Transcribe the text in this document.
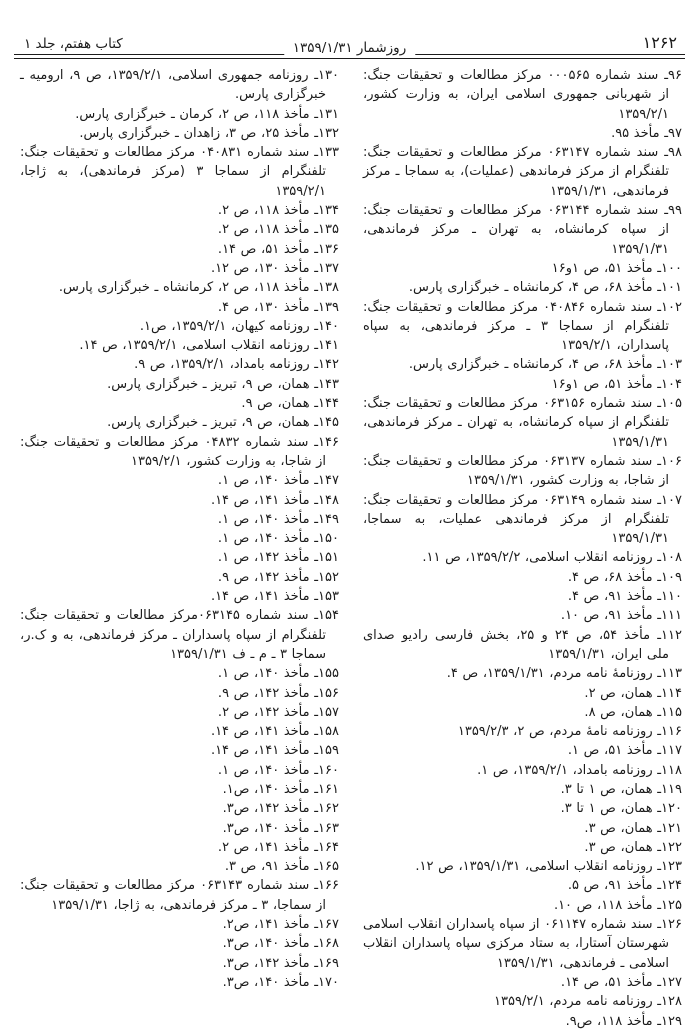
۱۲۶۲
روزشمار ۱۳۵۹/۱/۳۱
کتاب هفتم، جلد ۱

۹۶ـ سند شماره ۰۰۰۵۶۵ مرکز مطالعات و تحقیقات جنگ: از شهربانی جمهوری اسلامی ایران، به وزارت کشور، ۱۳۵۹/۲/۱

۹۷ـ مأخذ ۹۵.

۹۸ـ سند شماره ۰۶۳۱۴۷ مرکز مطالعات و تحقیقات جنگ: تلفنگرام از مرکز فرماندهی (عملیات)، به سماجا ـ مرکز فرماندهی، ۱۳۵۹/۱/۳۱

۹۹ـ سند شماره ۰۶۳۱۴۴ مرکز مطالعات و تحقیقات جنگ: از سپاه کرمانشاه، به تهران ـ مرکز فرماندهی، ۱۳۵۹/۱/۳۱

۱۰۰ـ مأخذ ۵۱، ص ۱و۱۶

۱۰۱ـ مأخذ ۶۸، ص ۴، کرمانشاه ـ خبرگزاری پارس.

۱۰۲ـ سند شماره ۰۴۰۸۴۶ مرکز مطالعات و تحقیقات جنگ: تلفنگرام از سماجا ۳ ـ مرکز فرماندهی، به سپاه پاسداران، ۱۳۵۹/۲/۱

۱۰۳ـ مأخذ ۶۸، ص ۴، کرمانشاه ـ خبرگزاری پارس.

۱۰۴ـ مأخذ ۵۱، ص ۱و۱۶

۱۰۵ـ سند شماره ۰۶۳۱۵۶ مرکز مطالعات و تحقیقات جنگ: تلفنگرام از سپاه کرمانشاه، به تهران ـ مرکز فرماندهی، ۱۳۵۹/۱/۳۱

۱۰۶ـ سند شماره ۰۶۳۱۳۷ مرکز مطالعات و تحقیقات جنگ: از شاجا، به وزارت کشور، ۱۳۵۹/۱/۳۱

۱۰۷ـ سند شماره ۰۶۳۱۴۹ مرکز مطالعات و تحقیقات جنگ: تلفنگرام از مرکز فرماندهی عملیات، به سماجا، ۱۳۵۹/۱/۳۱

۱۰۸ـ روزنامه انقلاب اسلامی، ۱۳۵۹/۲/۲، ص ۱۱.

۱۰۹ـ مأخذ ۶۸، ص ۴.

۱۱۰ـ مأخذ ۹۱، ص ۴.

۱۱۱ـ مأخذ ۹۱، ص ۱۰.

۱۱۲ـ مأخذ ۵۴، ص ۲۴ و ۲۵، بخش فارسی رادیو صدای ملی ایران، ۱۳۵۹/۱/۳۱

۱۱۳ـ روزنامهٔ نامه مردم، ۱۳۵۹/۱/۳۱، ص ۴.

۱۱۴ـ همان، ص ۲.

۱۱۵ـ همان، ص ۸.

۱۱۶ـ روزنامه نامهٔ مردم، ص ۲، ۱۳۵۹/۲/۳

۱۱۷ـ مأخذ ۵۱، ص ۱.

۱۱۸ـ روزنامه بامداد، ۱۳۵۹/۲/۱، ص ۱.

۱۱۹ـ همان، ص ۱ تا ۳.

۱۲۰ـ همان، ص ۱ تا ۳.

۱۲۱ـ همان، ص ۳.

۱۲۲ـ همان، ص ۳.

۱۲۳ـ روزنامه انقلاب اسلامی، ۱۳۵۹/۱/۳۱، ص ۱۲.

۱۲۴ـ مأخذ ۹۱، ص ۵.

۱۲۵ـ مأخذ ۱۱۸، ص ۱۰.

۱۲۶ـ سند شماره ۰۶۱۱۴۷ از سپاه پاسداران انقلاب اسلامی شهرستان آستارا، به ستاد مرکزی سپاه پاسداران انقلاب اسلامی ـ فرماندهی، ۱۳۵۹/۱/۳۱

۱۲۷ـ مأخذ ۵۱، ص ۱۴.

۱۲۸ـ روزنامه نامه مردم، ۱۳۵۹/۲/۱

۱۲۹ـ مأخذ ۱۱۸، ص۹.

۱۳۰ـ روزنامه جمهوری اسلامی، ۱۳۵۹/۲/۱، ص ۹، ارومیه ـ خبرگزاری پارس.

۱۳۱ـ مأخذ ۱۱۸، ص ۲، کرمان ـ خبرگزاری پارس.

۱۳۲ـ مأخذ ۲۵، ص ۳، زاهدان ـ خبرگزاری پارس.

۱۳۳ـ سند شماره ۰۴۰۸۳۱ مرکز مطالعات و تحقیقات جنگ: تلفنگرام از سماجا ۳ (مرکز فرماندهی)، به ژاجا، ۱۳۵۹/۲/۱

۱۳۴ـ مأخذ ۱۱۸، ص ۲.

۱۳۵ـ مأخذ ۱۱۸، ص ۲.

۱۳۶ـ مأخذ ۵۱، ص ۱۴.

۱۳۷ـ مأخذ ۱۳۰، ص ۱۲.

۱۳۸ـ مأخذ ۱۱۸، ص ۲، کرمانشاه ـ خبرگزاری پارس.

۱۳۹ـ مأخذ ۱۳۰، ص ۴.

۱۴۰ـ روزنامه کیهان، ۱۳۵۹/۲/۱، ص۱.

۱۴۱ـ روزنامه انقلاب اسلامی، ۱۳۵۹/۲/۱، ص ۱۴.

۱۴۲ـ روزنامه بامداد، ۱۳۵۹/۲/۱، ص ۹.

۱۴۳ـ همان، ص ۹، تبریز ـ خبرگزاری پارس.

۱۴۴ـ همان، ص ۹.

۱۴۵ـ همان، ص ۹، تبریز ـ خبرگزاری پارس.

۱۴۶ـ سند شماره ۰۴۸۳۲ مرکز مطالعات و تحقیقات جنگ: از شاجا، به وزارت کشور، ۱۳۵۹/۲/۱

۱۴۷ـ مأخذ ۱۴۰، ص ۱.

۱۴۸ـ مأخذ ۱۴۱، ص ۱۴.

۱۴۹ـ مأخذ ۱۴۰، ص ۱.

۱۵۰ـ مأخذ ۱۴۰، ص ۱.

۱۵۱ـ مأخذ ۱۴۲، ص ۱.

۱۵۲ـ مأخذ ۱۴۲، ص ۹.

۱۵۳ـ مأخذ ۱۴۱، ص ۱۴.

۱۵۴ـ سند شماره ۰۶۳۱۴۵مرکز مطالعات و تحقیقات جنگ: تلفنگرام از سپاه پاسداران ـ مرکز فرماندهی، به و ک.ر، سماجا ۳ ـ م ـ ف ۱۳۵۹/۱/۳۱

۱۵۵ـ مأخذ ۱۴۰، ص ۱.

۱۵۶ـ مأخذ ۱۴۲، ص ۹.

۱۵۷ـ مأخذ ۱۴۲، ص ۲.

۱۵۸ـ مأخذ ۱۴۱، ص ۱۴.

۱۵۹ـ مأخذ ۱۴۱، ص ۱۴.

۱۶۰ـ مأخذ ۱۴۰، ص ۱.

۱۶۱ـ مأخذ ۱۴۰، ص۱.

۱۶۲ـ مأخذ ۱۴۲، ص۳.

۱۶۳ـ مأخذ ۱۴۰، ص۳.

۱۶۴ـ مأخذ ۱۴۱، ص ۲.

۱۶۵ـ مأخذ ۹۱، ص ۳.

۱۶۶ـ سند شماره ۰۶۳۱۴۳ مرکز مطالعات و تحقیقات جنگ: از سماجا، ۳ ـ مرکز فرماندهی، به ژاجا، ۱۳۵۹/۱/۳۱

۱۶۷ـ مأخذ ۱۴۱، ص۲.

۱۶۸ـ مأخذ ۱۴۰، ص۳.

۱۶۹ـ مأخذ ۱۴۲، ص۳.

۱۷۰ـ مأخذ ۱۴۰، ص۳.
